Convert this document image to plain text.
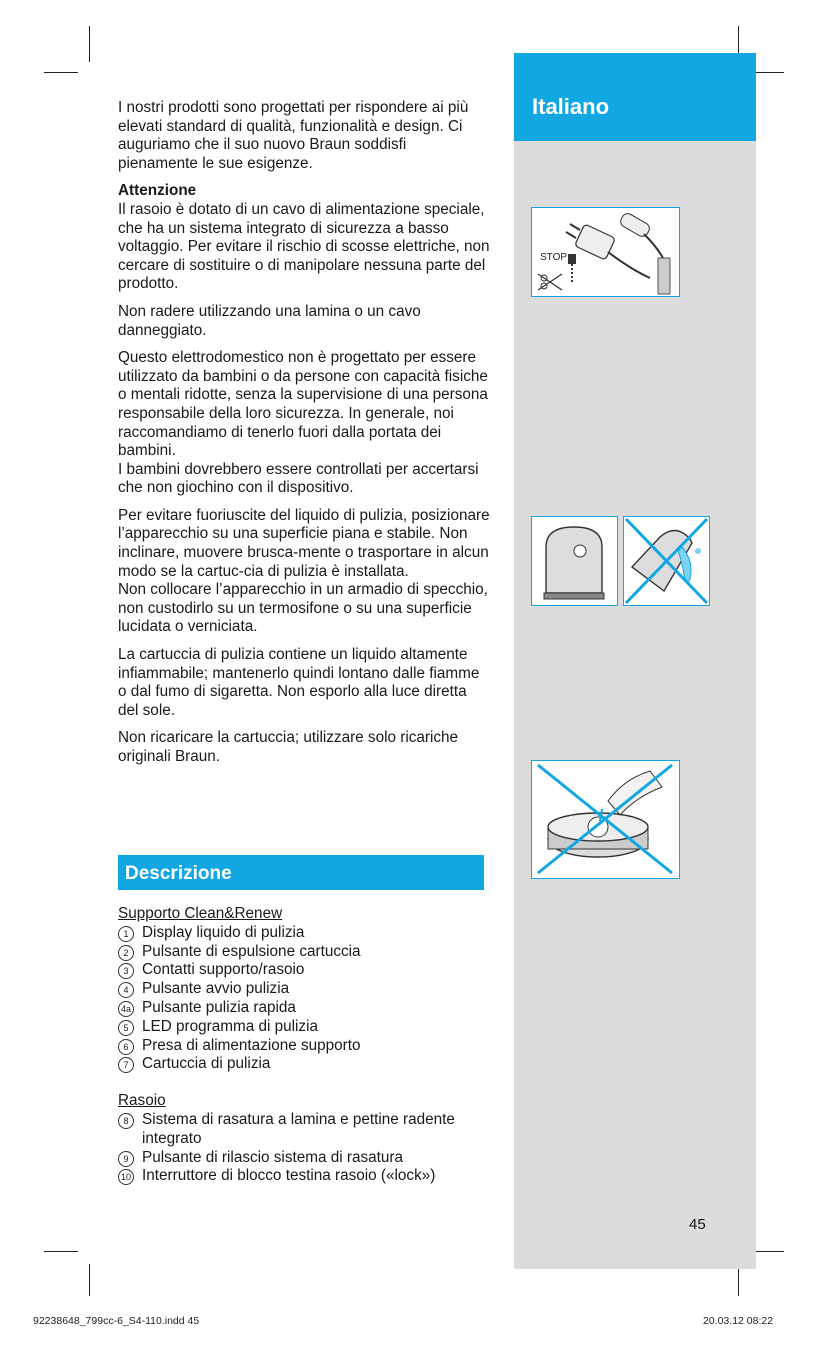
Italiano
STOP

I nostri prodotti sono progettati per rispondere ai più elevati standard di qualità, funzionalità e design. Ci auguriamo che il suo nuovo Braun soddisfi pienamente le sue esigenze.

Attenzione
Il rasoio è dotato di un cavo di alimentazione speciale, che ha un sistema integrato di sicurezza a basso voltaggio. Per evitare il rischio di scosse elettriche, non cercare di sostituire o di manipolare nessuna parte del prodotto.

Non radere utilizzando una lamina o un cavo danneggiato.

Questo elettrodomestico non è progettato per essere utilizzato da bambini o da persone con capacità fisiche o mentali ridotte, senza la supervisione di una persona responsabile della loro sicurezza. In generale, noi raccomandiamo di tenerlo fuori dalla portata dei bambini.
I bambini dovrebbero essere controllati per accertarsi che non giochino con il dispositivo.

Per evitare fuoriuscite del liquido di pulizia, posizionare l’apparecchio su una superficie piana e stabile. Non inclinare, muovere brusca-mente o trasportare in alcun modo se la cartuc-cia di pulizia è installata.
Non collocare l’apparecchio in un armadio di specchio, non custodirlo su un termosifone o su una superficie lucidata o verniciata.

La cartuccia di pulizia contiene un liquido altamente infiammabile; mantenerlo quindi lontano dalle fiamme o dal fumo di sigaretta. Non esporlo alla luce diretta del sole.

Non ricaricare la cartuccia; utilizzare solo ricariche originali Braun.

Descrizione
Supporto Clean&Renew
1 Display liquido di pulizia
2 Pulsante di espulsione cartuccia
3 Contatti supporto/rasoio
4 Pulsante avvio pulizia
4a Pulsante pulizia rapida
5 LED programma di pulizia
6 Presa di alimentazione supporto
7 Cartuccia di pulizia
Rasoio
8 Sistema di rasatura a lamina e pettine radente integrato
9 Pulsante di rilascio sistema di rasatura
10 Interruttore di blocco testina rasoio («lock»)
45
92238648_799cc-6_S4-110.indd 45	20.03.12 08:22
